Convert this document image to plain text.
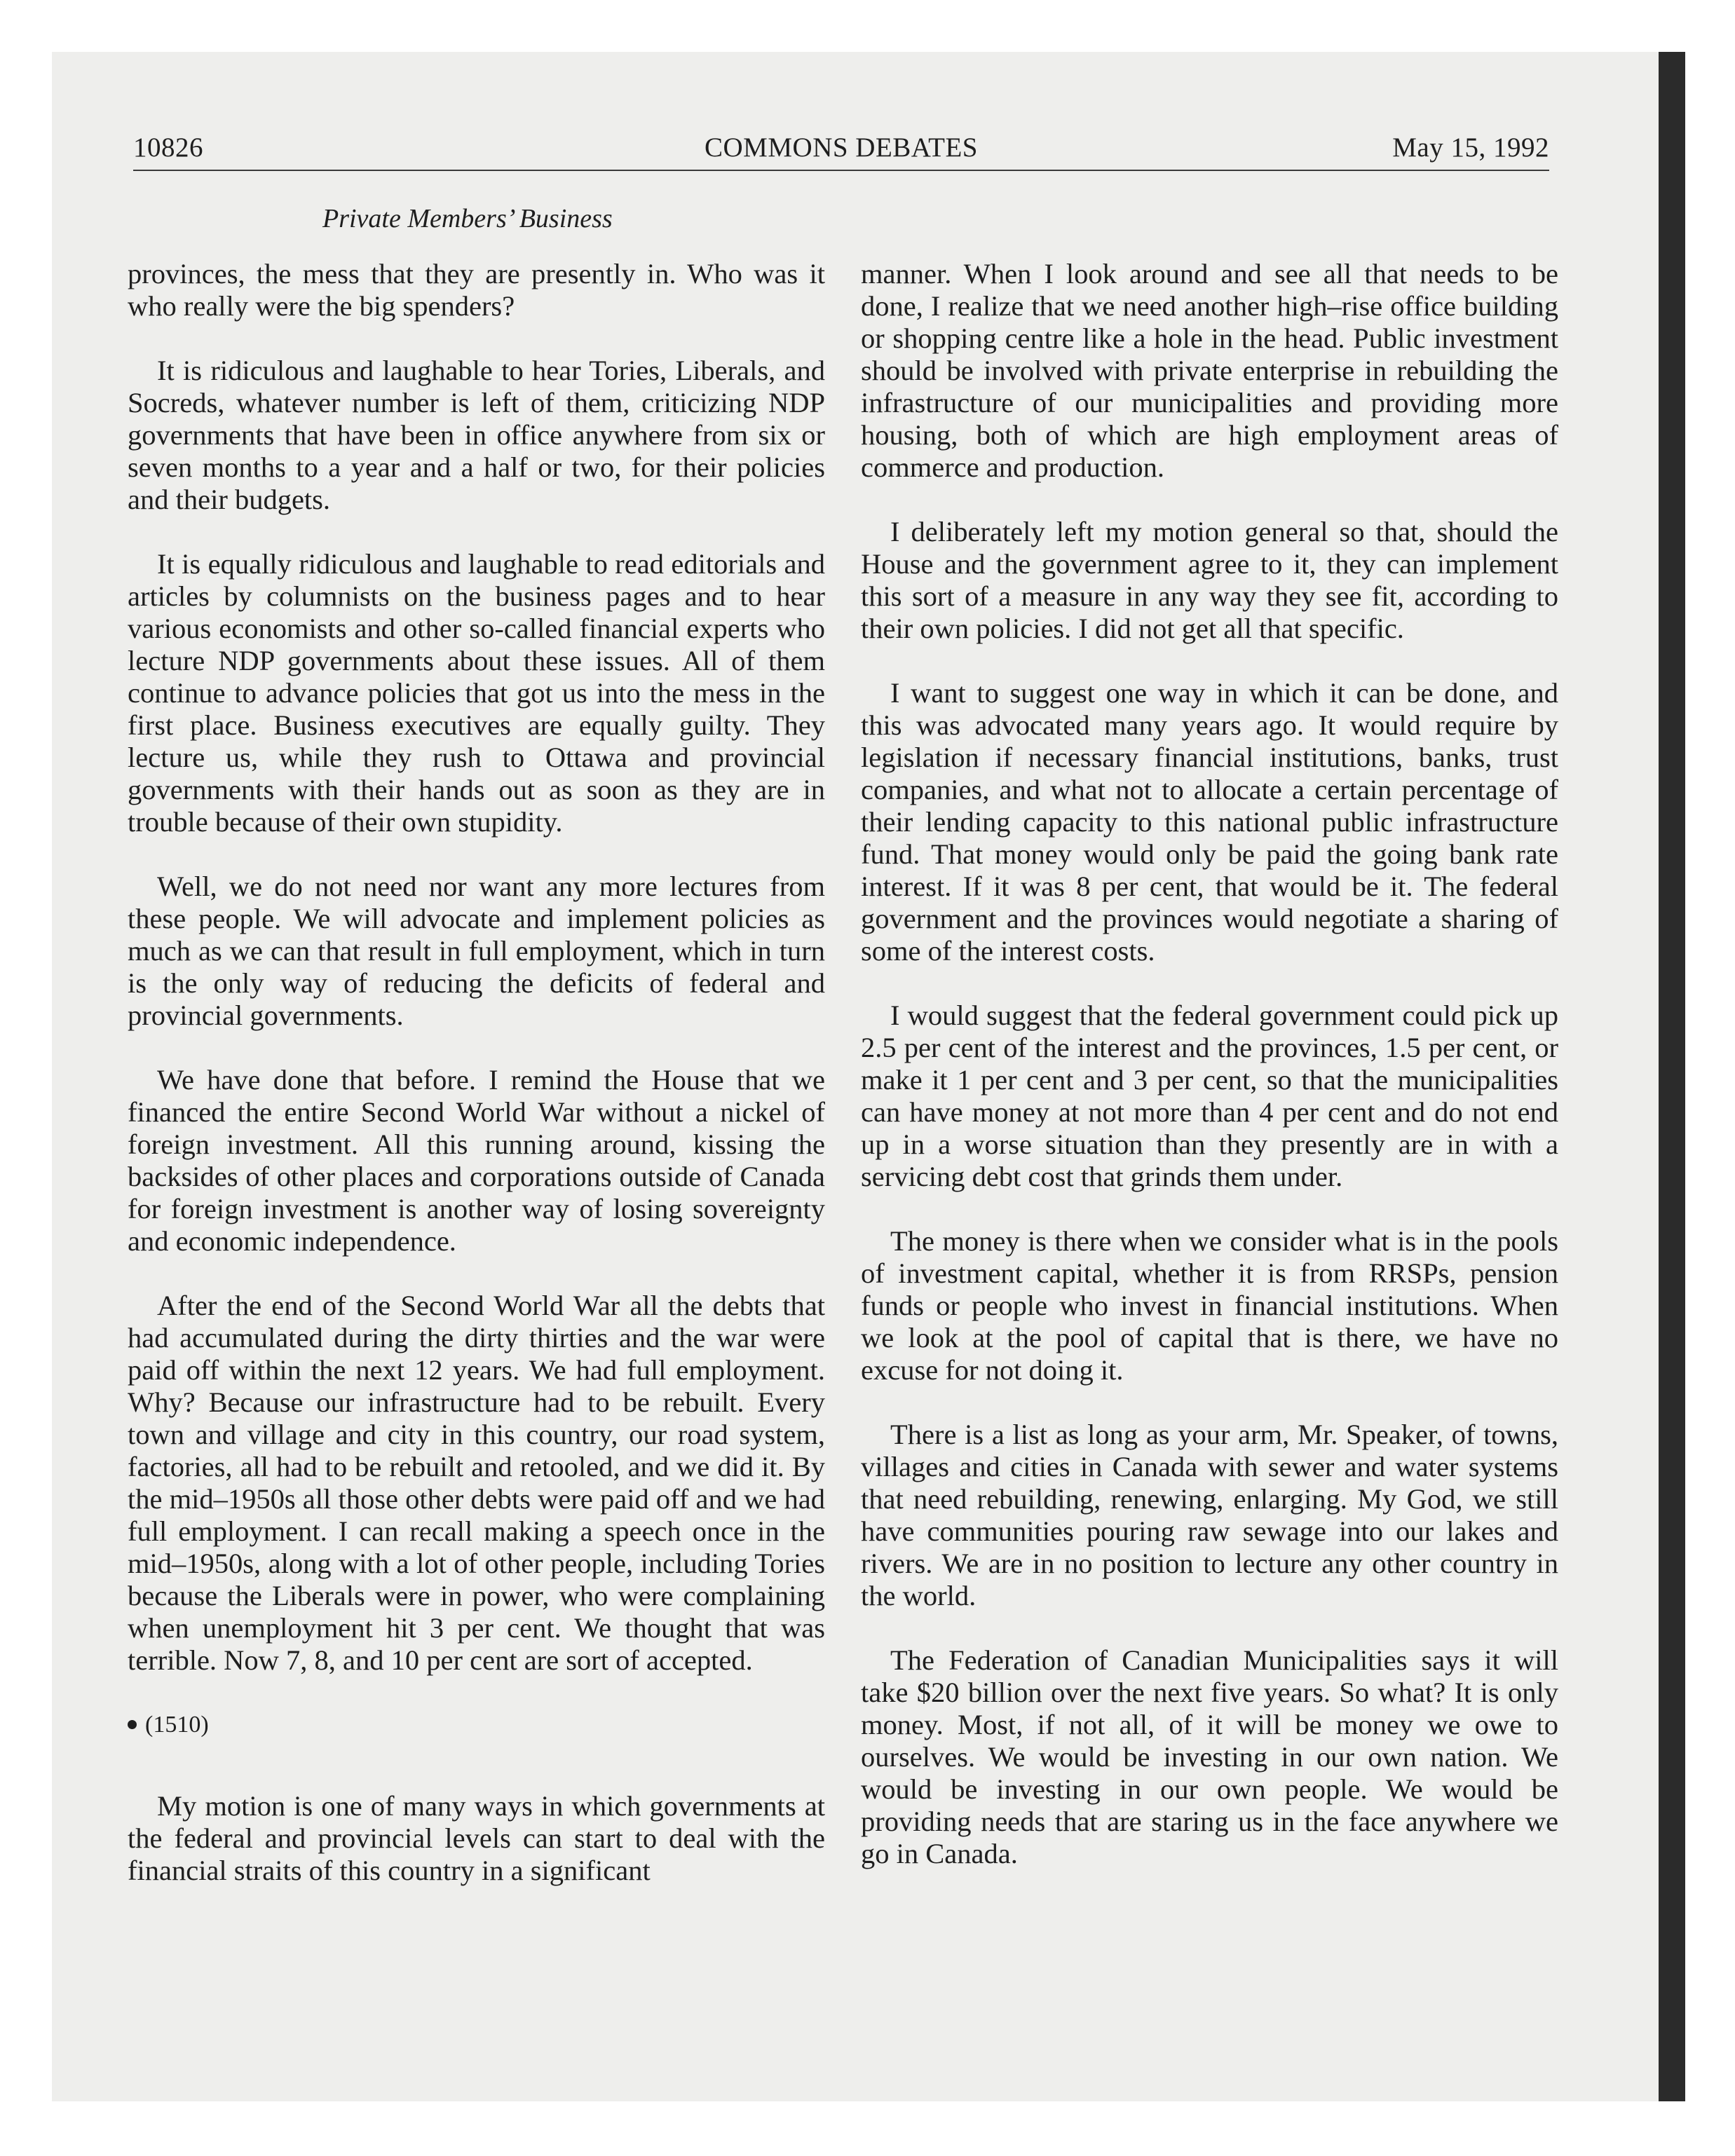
10826	COMMONS DEBATES	May 15, 1992
Private Members’ Business

provinces, the mess that they are presently in. Who was it who really were the big spenders?

It is ridiculous and laughable to hear Tories, Liberals, and Socreds, whatever number is left of them, criticizing NDP governments that have been in office anywhere from six or seven months to a year and a half or two, for their policies and their budgets.

It is equally ridiculous and laughable to read editorials and articles by columnists on the business pages and to hear various economists and other so-called financial experts who lecture NDP governments about these issues. All of them continue to advance policies that got us into the mess in the first place. Business executives are equally guilty. They lecture us, while they rush to Ottawa and provincial governments with their hands out as soon as they are in trouble because of their own stupidity.

Well, we do not need nor want any more lectures from these people. We will advocate and implement policies as much as we can that result in full employment, which in turn is the only way of reducing the deficits of federal and provincial governments.

We have done that before. I remind the House that we financed the entire Second World War without a nickel of foreign investment. All this running around, kissing the backsides of other places and corporations outside of Canada for foreign investment is another way of losing sovereignty and economic independence.

After the end of the Second World War all the debts that had accumulated during the dirty thirties and the war were paid off within the next 12 years. We had full employment. Why? Because our infrastructure had to be rebuilt. Every town and village and city in this country, our road system, factories, all had to be rebuilt and retooled, and we did it. By the mid–1950s all those other debts were paid off and we had full employment. I can recall making a speech once in the mid–1950s, along with a lot of other people, including Tories because the Liberals were in power, who were complaining when unemployment hit 3 per cent. We thought that was terrible. Now 7, 8, and 10 per cent are sort of accepted.

(1510)

My motion is one of many ways in which governments at the federal and provincial levels can start to deal with the financial straits of this country in a significant

manner. When I look around and see all that needs to be done, I realize that we need another high–rise office building or shopping centre like a hole in the head. Public investment should be involved with private enterprise in rebuilding the infrastructure of our municipalities and providing more housing, both of which are high employment areas of commerce and production.

I deliberately left my motion general so that, should the House and the government agree to it, they can implement this sort of a measure in any way they see fit, according to their own policies. I did not get all that specific.

I want to suggest one way in which it can be done, and this was advocated many years ago. It would require by legislation if necessary financial institutions, banks, trust companies, and what not to allocate a certain percentage of their lending capacity to this national public infrastructure fund. That money would only be paid the going bank rate interest. If it was 8 per cent, that would be it. The federal government and the provinces would negotiate a sharing of some of the interest costs.

I would suggest that the federal government could pick up 2.5 per cent of the interest and the provinces, 1.5 per cent, or make it 1 per cent and 3 per cent, so that the municipalities can have money at not more than 4 per cent and do not end up in a worse situation than they presently are in with a servicing debt cost that grinds them under.

The money is there when we consider what is in the pools of investment capital, whether it is from RRSPs, pension funds or people who invest in financial institutions. When we look at the pool of capital that is there, we have no excuse for not doing it.

There is a list as long as your arm, Mr. Speaker, of towns, villages and cities in Canada with sewer and water systems that need rebuilding, renewing, enlarging. My God, we still have communities pouring raw sewage into our lakes and rivers. We are in no position to lecture any other country in the world.

The Federation of Canadian Municipalities says it will take $20 billion over the next five years. So what? It is only money. Most, if not all, of it will be money we owe to ourselves. We would be investing in our own nation. We would be investing in our own people. We would be providing needs that are staring us in the face anywhere we go in Canada.
